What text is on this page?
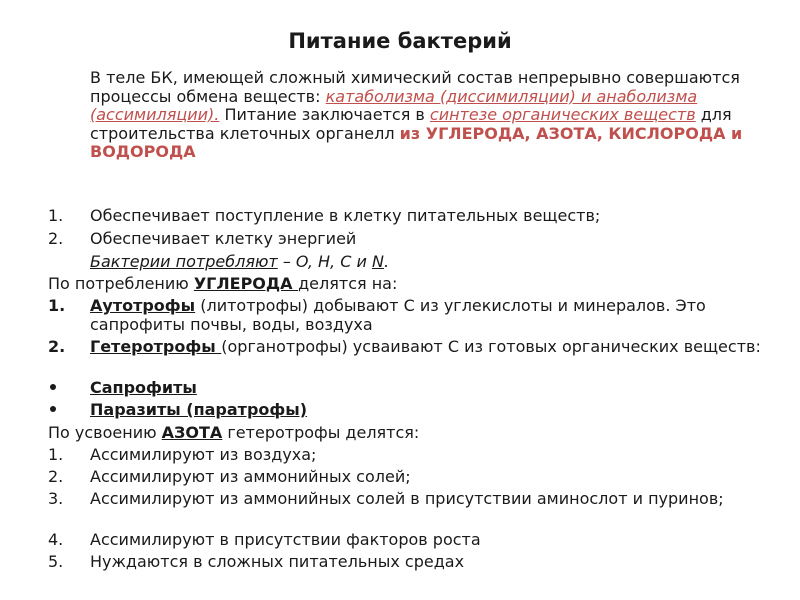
Питание бактерий
В теле БК, имеющей сложный химический состав непрерывно совершаются процессы обмена веществ: катаболизма (диссимиляции) и анаболизма (ассимиляции). Питание заключается в синтезе органических веществ для строительства клеточных органелл из УГЛЕРОДА, АЗОТА, КИСЛОРОДА и ВОДОРОДА
1.	Обеспечивает поступление в клетку питательных веществ;
2.	Обеспечивает клетку энергией
Бактерии потребляют – O, H, C и N.
По потреблению УГЛЕРОДА делятся на:
1.	Аутотрофы (литотрофы) добывают С из углекислоты и минералов. Это сапрофиты почвы, воды, воздуха
2.	Гетеротрофы (органотрофы) усваивают С из готовых органических веществ:
Сапрофиты
Паразиты (паратрофы)
По усвоению АЗОТА гетеротрофы делятся:
1.	Ассимилируют из воздуха;
2.	Ассимилируют из аммонийных солей;
3.	Ассимилируют из аммонийных солей в присутствии аминослот и пуринов;
4.	Ассимилируют в присутствии факторов роста
5.	Нуждаются в сложных питательных средах
